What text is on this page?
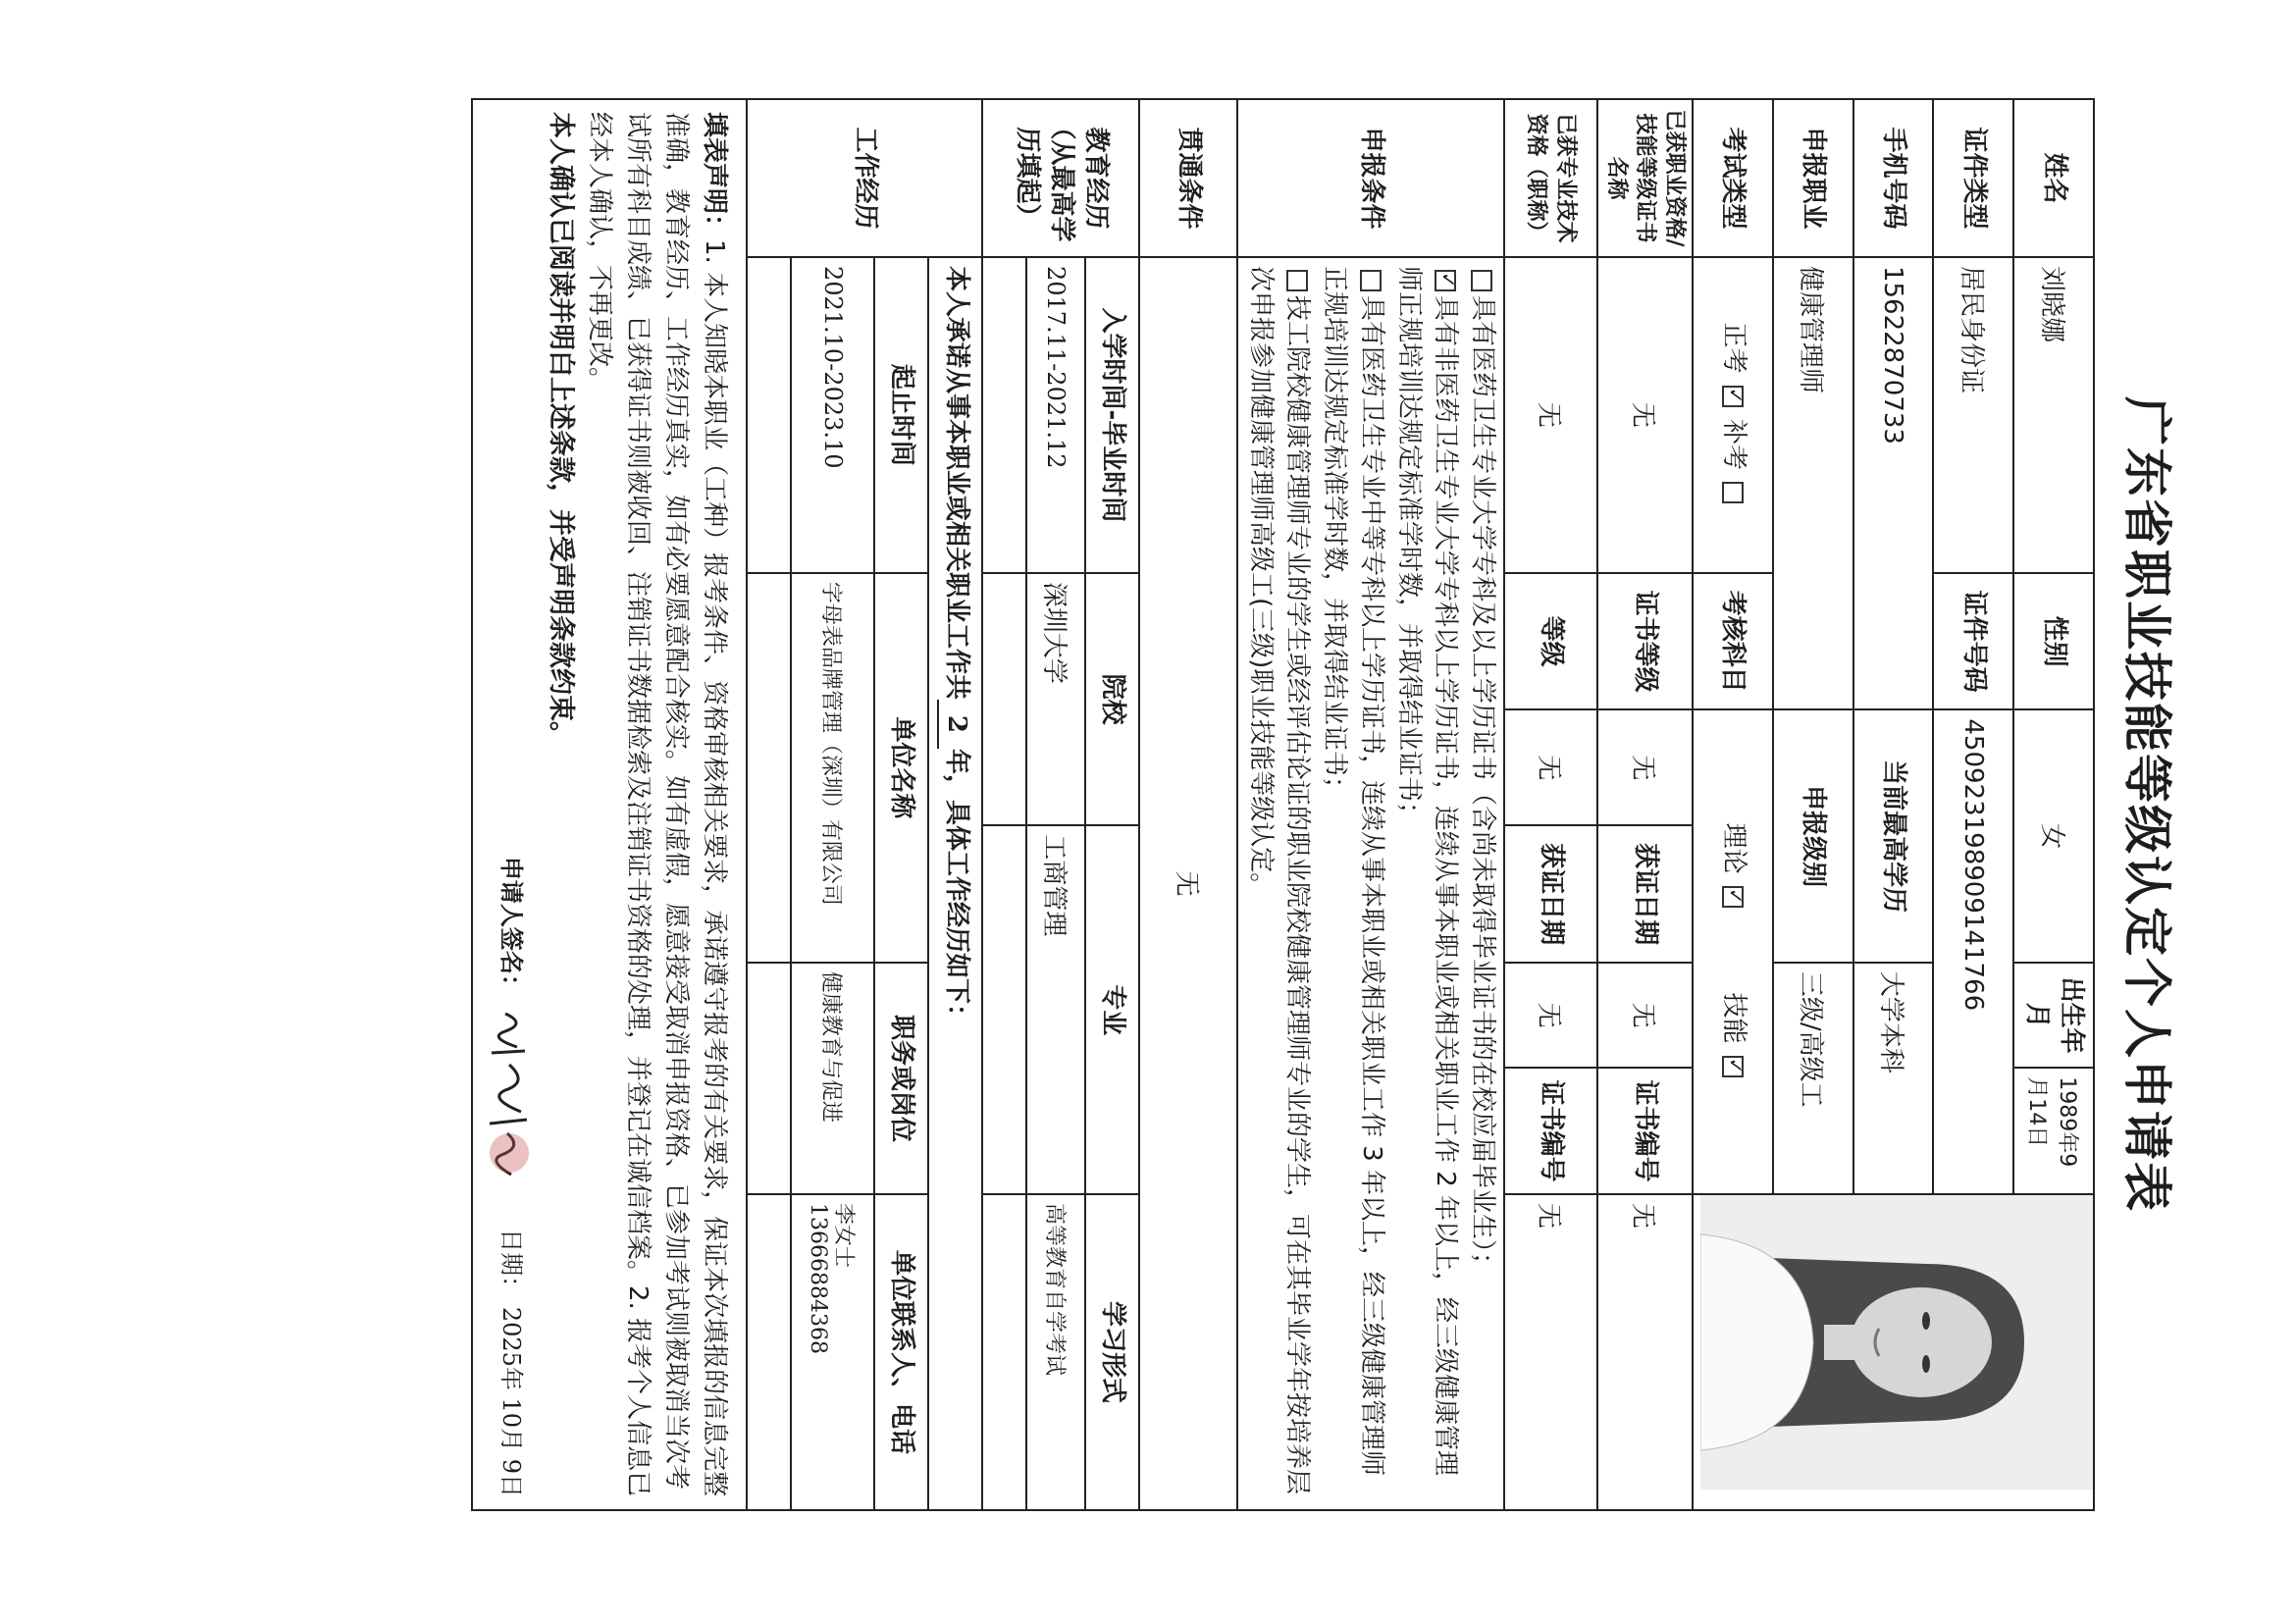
广东省职业技能等级认定个人申请表
姓名	刘晓娜	性别	女		出生年月	1989年9月14日	
证件类型	居民身份证	证件号码	450923198909141766				
手机号码	15622870733		当前最高学历		大学本科		
申报职业	健康管理师		申报级别		三级/高级工		
考试类型	正考 ✓ 补考	考核科目	理论 ✓          技能 ✓
已获职业资格/技能等级证书名称	无	证书等级	无	获证日期	无	证书编号	无
已获专业技术资格（职称）	无	等级	无	获证日期	无	证书编号	无
申报条件	具有医药卫生专业大学专科及以上学历证书（含尚未取得毕业证书的在校应届毕业生）；
✓具有非医药卫生专业大学专科以上学历证书，连续从事本职业或相关职业工作 2 年以上，经三级健康管理师正规培训达规定标准学时数，并取得结业证书；
具有医药卫生专业中等专科以上学历证书，连续从事本职业或相关职业工作 3 年以上，经三级健康管理师正规培训达规定标准学时数，并取得结业证书；
技工院校健康管理师专业的学生或经评估论证的职业院校健康管理师专业的学生，可在其毕业学年按培养层次申报参加健康管理师高级工(三级)职业技能等级认定。

贯通条件	无						
教育经历（从最高学历填起）	入学时间-毕业时间	院校		专业			学习形式
	2017.11-2021.12	深圳大学		工商管理			高等教育自学考试

工作经历	本人承诺从事本职业或相关职业工作共2年，具体工作经历如下：						
	起止时间	单位名称			职务或岗位		单位联系人、电话
	2021.10-2023.10	字母表品牌管理（深圳）有限公司			健康教育与促进		李女士
13666884368

填表声明：1. 本人知晓本职业（工种）报考条件、资格审核相关要求，承诺遵守报考的有关要求，保证本次填报的信息完整准确，教育经历、工作经历真实，如有必要愿意配合核实。如有虚假，愿意接受取消申报资格、已参加考试则被取消当次考试所有科目成绩、已获得证书则被收回、注销证书数据检索及注销证书资格的处理，并登记在诚信档案。2. 报考个人信息已经本人确认，不再更改。
本人确认已阅读并明白上述条款，并受声明条款约束。
申请人签名：  日期： 2025年 10月 9日							
